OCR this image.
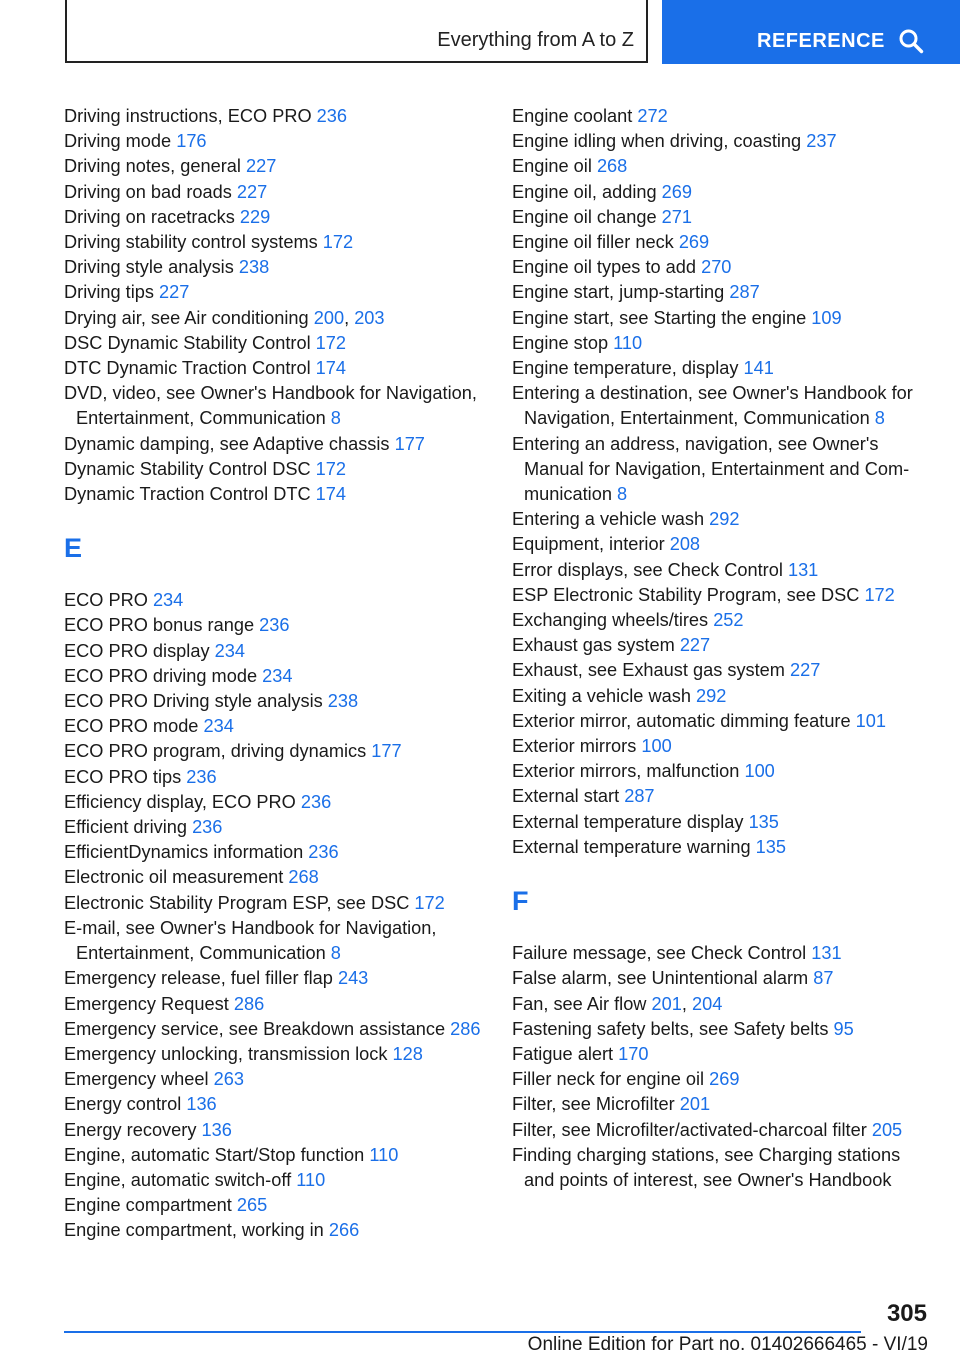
Everything from A to Z	REFERENCE
Driving instructions, ECO PRO 236
Driving mode 176
Driving notes, general 227
Driving on bad roads 227
Driving on racetracks 229
Driving stability control systems 172
Driving style analysis 238
Driving tips 227
Drying air, see Air conditioning 200, 203
DSC Dynamic Stability Control 172
DTC Dynamic Traction Control 174
DVD, video, see Owner's Handbook for Navigation, Entertainment, Communication 8
Dynamic damping, see Adaptive chassis 177
Dynamic Stability Control DSC 172
Dynamic Traction Control DTC 174
E
ECO PRO 234
ECO PRO bonus range 236
ECO PRO display 234
ECO PRO driving mode 234
ECO PRO Driving style analysis 238
ECO PRO mode 234
ECO PRO program, driving dynamics 177
ECO PRO tips 236
Efficiency display, ECO PRO 236
Efficient driving 236
EfficientDynamics information 236
Electronic oil measurement 268
Electronic Stability Program ESP, see DSC 172
E-mail, see Owner's Handbook for Navigation, Entertainment, Communication 8
Emergency release, fuel filler flap 243
Emergency Request 286
Emergency service, see Breakdown assistance 286
Emergency unlocking, transmission lock 128
Emergency wheel 263
Energy control 136
Energy recovery 136
Engine, automatic Start/Stop function 110
Engine, automatic switch-off 110
Engine compartment 265
Engine compartment, working in 266
Engine coolant 272
Engine idling when driving, coasting 237
Engine oil 268
Engine oil, adding 269
Engine oil change 271
Engine oil filler neck 269
Engine oil types to add 270
Engine start, jump-starting 287
Engine start, see Starting the engine 109
Engine stop 110
Engine temperature, display 141
Entering a destination, see Owner's Handbook for Navigation, Entertainment, Communication 8
Entering an address, navigation, see Owner's Manual for Navigation, Entertainment and Communication 8
Entering a vehicle wash 292
Equipment, interior 208
Error displays, see Check Control 131
ESP Electronic Stability Program, see DSC 172
Exchanging wheels/tires 252
Exhaust gas system 227
Exhaust, see Exhaust gas system 227
Exiting a vehicle wash 292
Exterior mirror, automatic dimming feature 101
Exterior mirrors 100
Exterior mirrors, malfunction 100
External start 287
External temperature display 135
External temperature warning 135
F
Failure message, see Check Control 131
False alarm, see Unintentional alarm 87
Fan, see Air flow 201, 204
Fastening safety belts, see Safety belts 95
Fatigue alert 170
Filler neck for engine oil 269
Filter, see Microfilter 201
Filter, see Microfilter/activated-charcoal filter 205
Finding charging stations, see Charging stations and points of interest, see Owner's Handbook
305
Online Edition for Part no. 01402666465 - VI/19
